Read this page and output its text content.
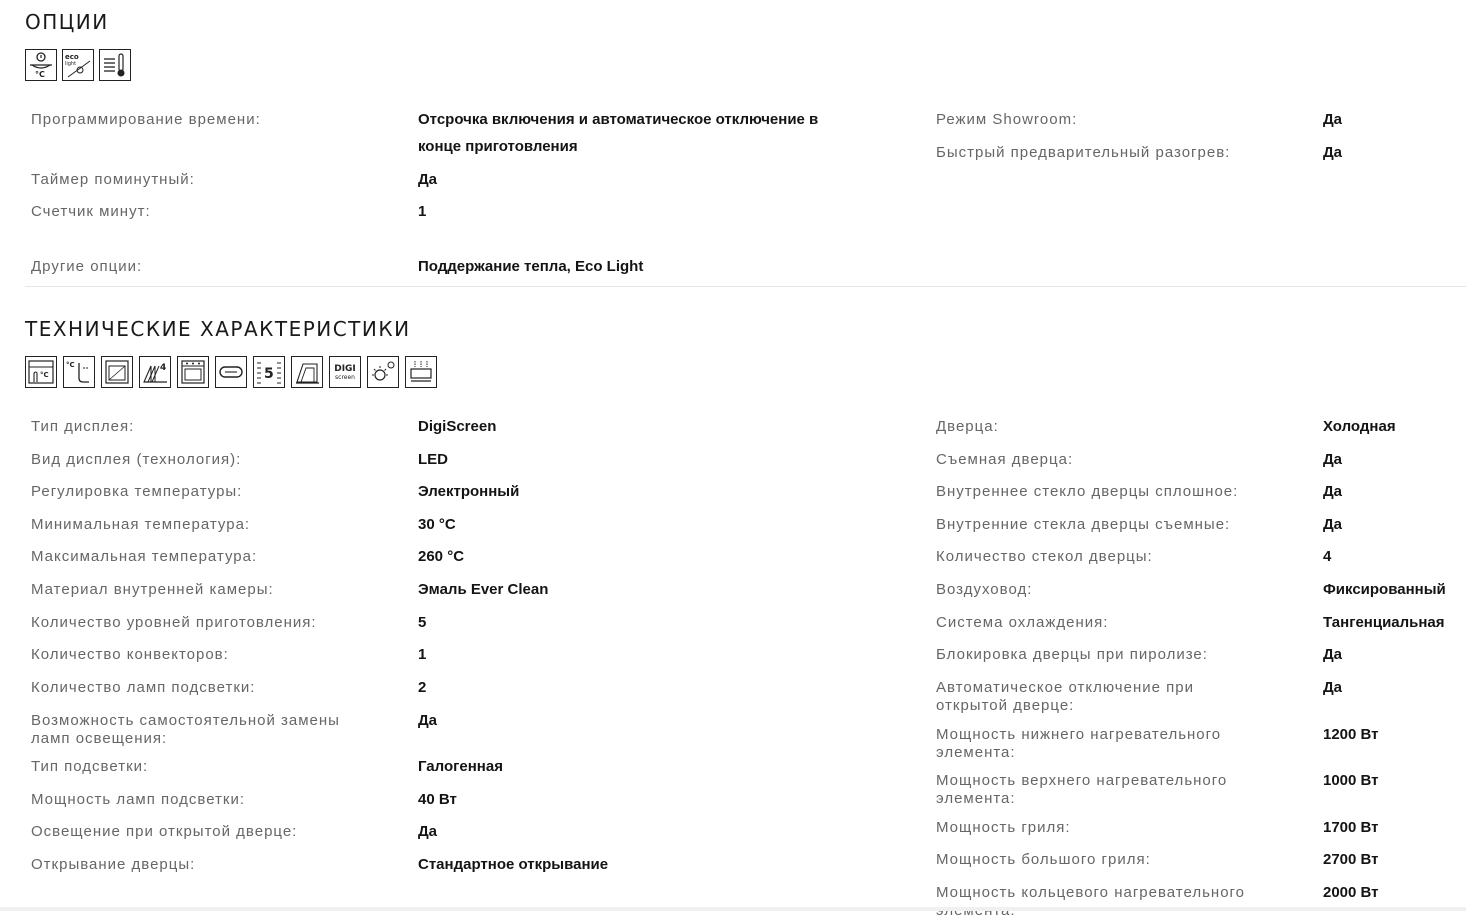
ОПЦИИ
°C
eco
light
Программирование времени:	Отсрочка включения и автоматическое отключение в конце приготовления
Таймер поминутный:	Да
Счетчик минут:	1
Другие опции:	Поддержание тепла, Eco Light
Режим Showroom:	Да
Быстрый предварительный разогрев:	Да
ТЕХНИЧЕСКИЕ ХАРАКТЕРИСТИКИ
°C
°C	4	5	DIGI
screen
Тип дисплея:	DigiScreen
Вид дисплея (технология):	LED
Регулировка температуры:	Электронный
Минимальная температура:	30 °C
Максимальная температура:	260 °C
Материал внутренней камеры:	Эмаль Ever Clean
Количество уровней приготовления:	5
Количество конвекторов:	1
Количество ламп подсветки:	2
Возможность самостоятельной замены ламп освещения:
Да
Тип подсветки:	Галогенная
Мощность ламп подсветки:	40 Вт
Освещение при открытой дверце:	Да
Открывание дверцы:	Стандартное открывание
Дверца:	Холодная
Съемная дверца:	Да
Внутреннее стекло дверцы сплошное:	Да
Внутренние стекла дверцы съемные:	Да
Количество стекол дверцы:	4
Воздуховод:	Фиксированный
Система охлаждения:	Тангенциальная
Блокировка дверцы при пиролизе:	Да
Автоматическое отключение при открытой дверце:
Да
Мощность нижнего нагревательного элемента:
1200 Вт
Мощность верхнего нагревательного элемента:
1000 Вт
Мощность гриля:	1700 Вт
Мощность большого гриля:	2700 Вт
Мощность кольцевого нагревательного	2000 Вт
